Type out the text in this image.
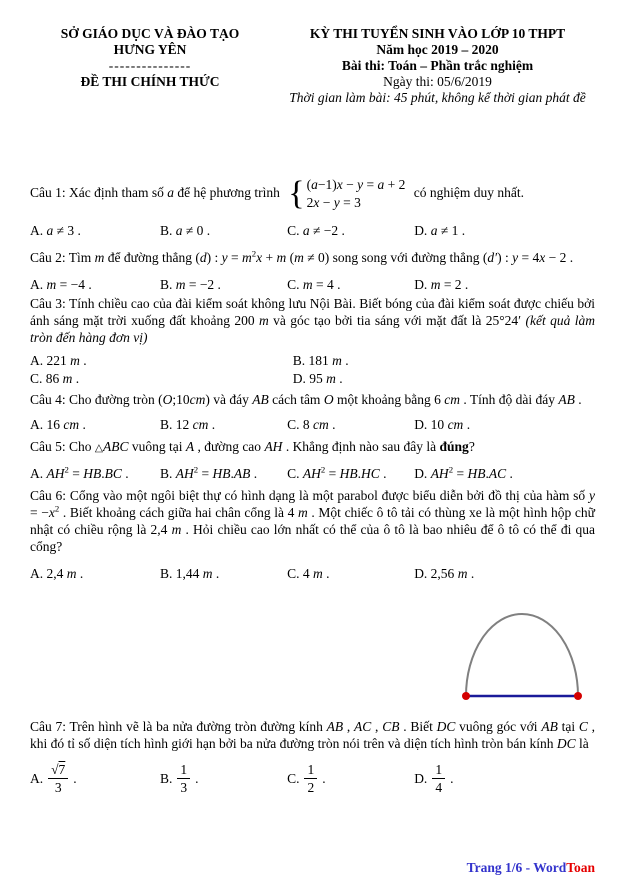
SỞ GIÁO DỤC VÀ ĐÀO TẠO
HƯNG YÊN
---------------
ĐỀ THI CHÍNH THỨC
KỲ THI TUYỂN SINH VÀO LỚP 10 THPT
Năm học 2019 – 2020
Bài thi: Toán – Phần trắc nghiệm
Ngày thi: 05/6/2019
Thời gian làm bài: 45 phút, không kể thời gian phát đề

Câu 1: Xác định tham số a để hệ phương trình { (a−1)x − y = a + 2
2x − y = 3
có nghiệm duy nhất.

A. a ≠ 3 .	B. a ≠ 0 .	C. a ≠ −2 .	D. a ≠ 1 .

Câu 2: Tìm m để đường thẳng (d) : $y = m^2x + m$ (m ≠ 0) song song với đường thẳng (d′) : y = 4x − 2 .

A. m = −4 .	B. m = −2 .	C. m = 4 .	D. m = 2 .

Câu 3: Tính chiều cao của đài kiểm soát không lưu Nội Bài. Biết bóng của đài kiểm soát được chiếu bởi ánh sáng mặt trời xuống đất khoảng 200 m và góc tạo bởi tia sáng với mặt đất là 25°24′ (kết quả làm tròn đến hàng đơn vị)

A. 221 m .	B. 181 m .
C. 86 m .	D. 95 m .

Câu 4: Cho đường tròn (O;10cm) và đáy AB cách tâm O một khoảng bằng 6 cm . Tính độ dài đáy AB .

A. 16 cm .	B. 12 cm .	C. 8 cm .	D. 10 cm .

Câu 5: Cho △ABC vuông tại A , đường cao AH . Khẳng định nào sau đây là đúng?

A. $AH^2 = HB.BC$ .	B. $AH^2 = HB.AB$ .	C. $AH^2 = HB.HC$ .	D. $AH^2 = HB.AC$ .

Câu 6: Cổng vào một ngôi biệt thự có hình dạng là một parabol được biểu diễn bởi đồ thị của hàm số $y = -x^2$ . Biết khoảng cách giữa hai chân cổng là 4 m . Một chiếc ô tô tải có thùng xe là một hình hộp chữ nhật có chiều rộng là 2,4 m . Hỏi chiều cao lớn nhất có thể của ô tô là bao nhiêu để ô tô có thể đi qua cổng?

A. 2,4 m .	B. 1,44 m .	C. 4 m .	D. 2,56 m .

Câu 7: Trên hình vẽ là ba nửa đường tròn đường kính AB , AC , CB . Biết DC vuông góc với AB tại C , khi đó tỉ số diện tích hình giới hạn bởi ba nửa đường tròn nói trên và diện tích hình tròn bán kính DC là

A. $\frac{√7}{3}$ .	B. $\frac{1}{3}$ .	C. $\frac{1}{2}$ .	D. $\frac{1}{4}$ .
Trang 1/6 - WordToan
